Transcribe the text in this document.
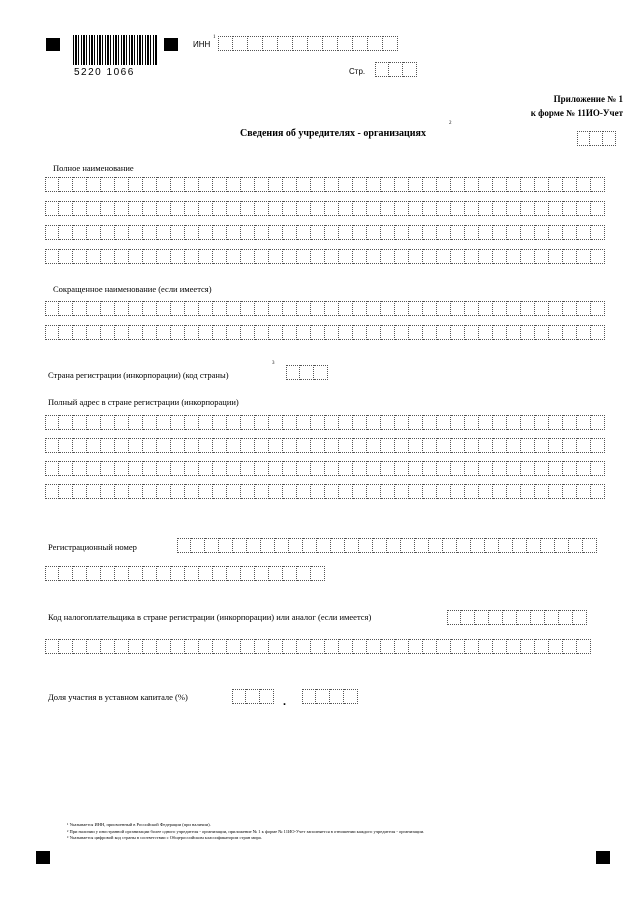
5220 1066
ИНН
1
Стр.
Приложение № 1
к форме № 11ИО-Учет
Сведения об учредителях - организациях
2
Полное наименование
Сокращенное наименование (если имеется)
Страна регистрации (инкорпорации) (код страны)
3
Полный адрес в стране регистрации (инкорпорации)
Регистрационный номер
Код налогоплательщика в стране регистрации (инкорпорации) или аналог (если имеется)
Доля участия в уставном капитале (%)	.
¹ Указывается ИНН, присвоенный в Российской Федерации (при наличии).
² При наличии у иностранной организации более одного учредителя - организации, приложение № 1 к форме № 11ИО-Учет заполняется в отношении каждого учредителя - организации.
³ Указывается цифровой код страны в соответствии с Общероссийским классификатором стран мира.
